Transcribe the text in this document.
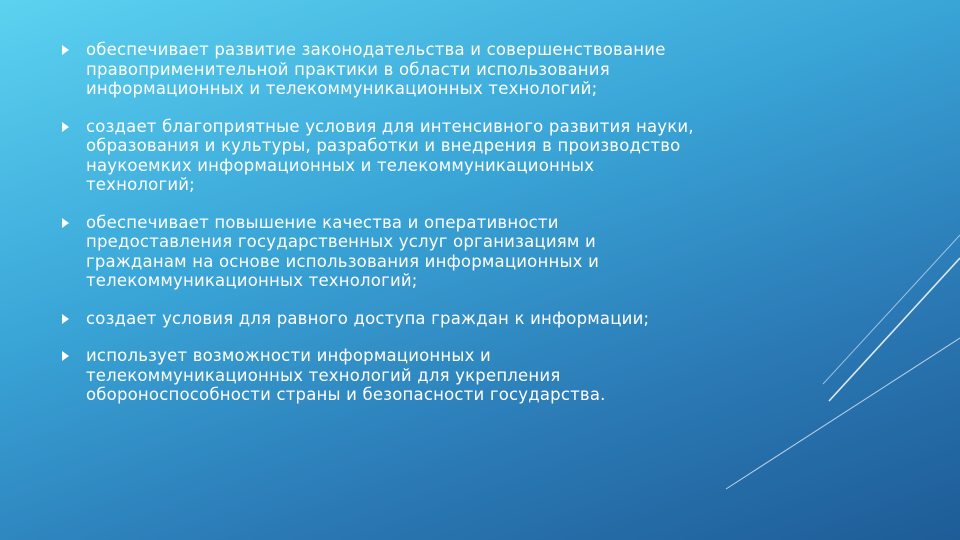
обеспечивает развитие законодательства и совершенствование правоприменительной практики в области использования информационных и телекоммуникационных технологий;
создает благоприятные условия для интенсивного развития науки, образования и культуры, разработки и внедрения в производство наукоемких информационных и телекоммуникационных технологий;
обеспечивает повышение качества и оперативности предоставления государственных услуг организациям и гражданам на основе использования информационных и телекоммуникационных технологий;
создает условия для равного доступа граждан к информации;
использует возможности информационных и телекоммуникационных технологий для укрепления обороноспособности страны и безопасности государства.
